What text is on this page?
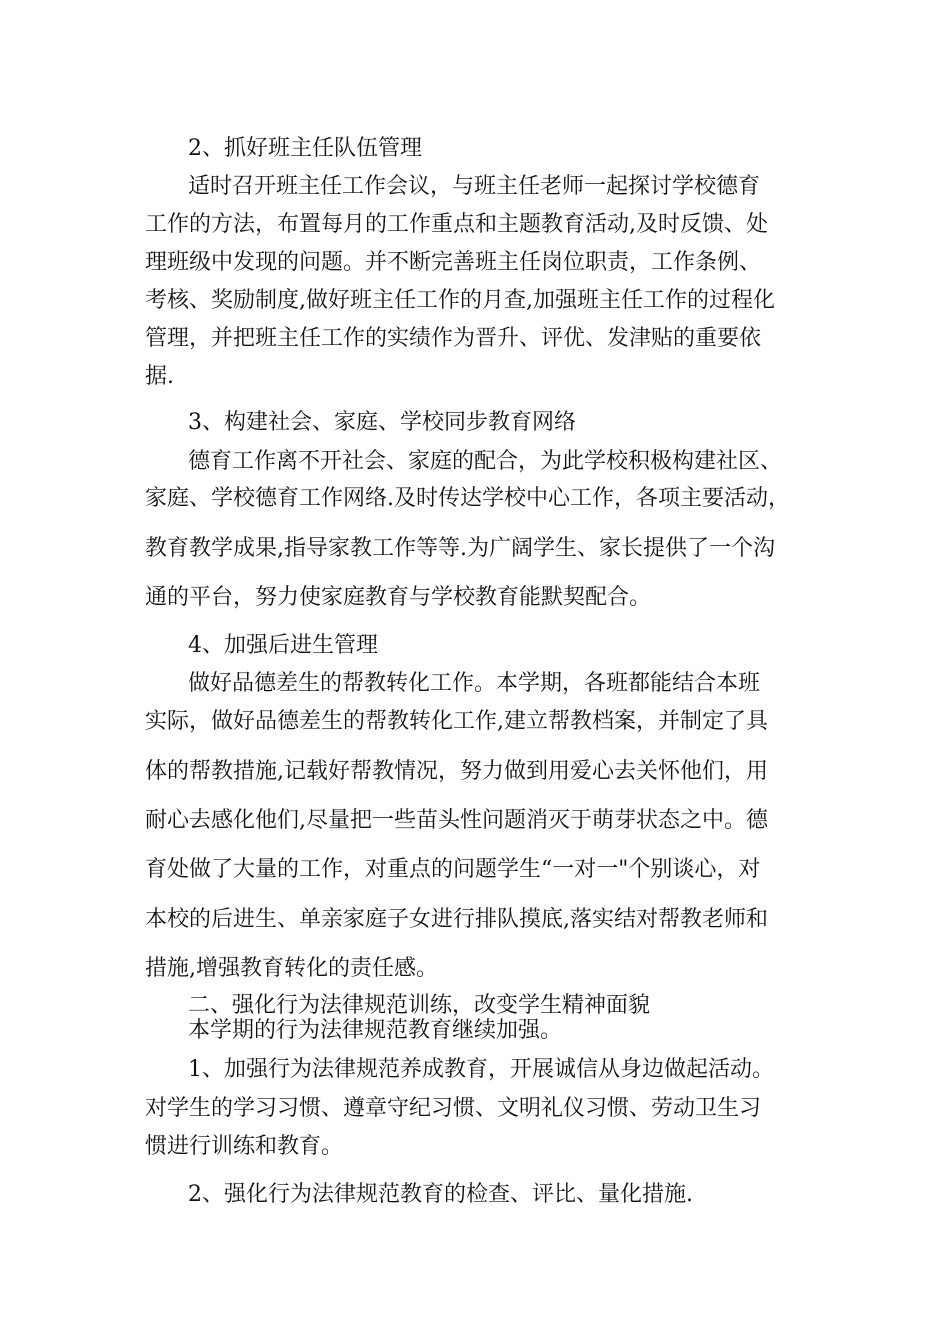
2、抓好班主任队伍管理
适时召开班主任工作会议，与班主任老师一起探讨学校德育
工作的方法，布置每月的工作重点和主题教育活动,及时反馈、处
理班级中发现的问题。并不断完善班主任岗位职责，工作条例、
考核、奖励制度,做好班主任工作的月查,加强班主任工作的过程化
管理，并把班主任工作的实绩作为晋升、评优、发津贴的重要依
据.
3、构建社会、家庭、学校同步教育网络
德育工作离不开社会、家庭的配合，为此学校积极构建社区、
家庭、学校德育工作网络.及时传达学校中心工作，各项主要活动，
教育教学成果,指导家教工作等等.为广阔学生、家长提供了一个沟
通的平台，努力使家庭教育与学校教育能默契配合。
4、加强后进生管理
做好品德差生的帮教转化工作。本学期，各班都能结合本班
实际，做好品德差生的帮教转化工作,建立帮教档案，并制定了具
体的帮教措施,记载好帮教情况，努力做到用爱心去关怀他们，用
耐心去感化他们,尽量把一些苗头性问题消灭于萌芽状态之中。德
育处做了大量的工作，对重点的问题学生“一对一"个别谈心，对
本校的后进生、单亲家庭子女进行排队摸底,落实结对帮教老师和
措施,增强教育转化的责任感。
二、强化行为法律规范训练，改变学生精神面貌
本学期的行为法律规范教育继续加强。
1、加强行为法律规范养成教育，开展诚信从身边做起活动。
对学生的学习习惯、遵章守纪习惯、文明礼仪习惯、劳动卫生习
惯进行训练和教育。
2、强化行为法律规范教育的检查、评比、量化措施.
